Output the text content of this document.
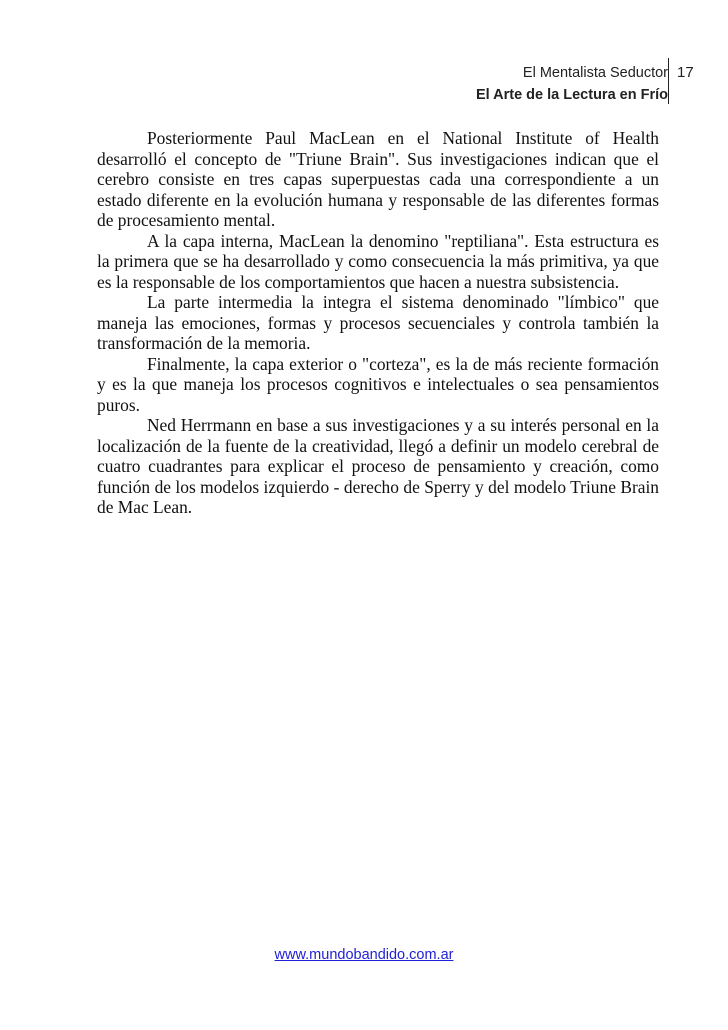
El Mentalista Seductor
El Arte de la Lectura en Frío
17

Posteriormente Paul MacLean en el National Institute of Health desarrolló el concepto de "Triune Brain". Sus investigaciones indican que el cerebro consiste en tres capas superpuestas cada una correspondiente a un estado diferente en la evolución humana y responsable de las diferentes formas de procesamiento mental.

A la capa interna, MacLean la denomino "reptiliana". Esta estructura es la primera que se ha desarrollado y como consecuencia la más primitiva, ya que es la responsable de los comportamientos que hacen a nuestra subsistencia.

La parte intermedia la integra el sistema denominado "límbico" que maneja las emociones, formas y procesos secuenciales y controla también la transformación de la memoria.

Finalmente, la capa exterior o "corteza", es la de más reciente formación y es la que maneja los procesos cognitivos e intelectuales o sea pensamientos puros.

Ned Herrmann en base a sus investigaciones y a su interés personal en la localización de la fuente de la creatividad, llegó a definir un modelo cerebral de cuatro cuadrantes para explicar el proceso de pensamiento y creación, como función de los modelos izquierdo - derecho de Sperry y del modelo Triune Brain de Mac Lean.

www.mundobandido.com.ar
